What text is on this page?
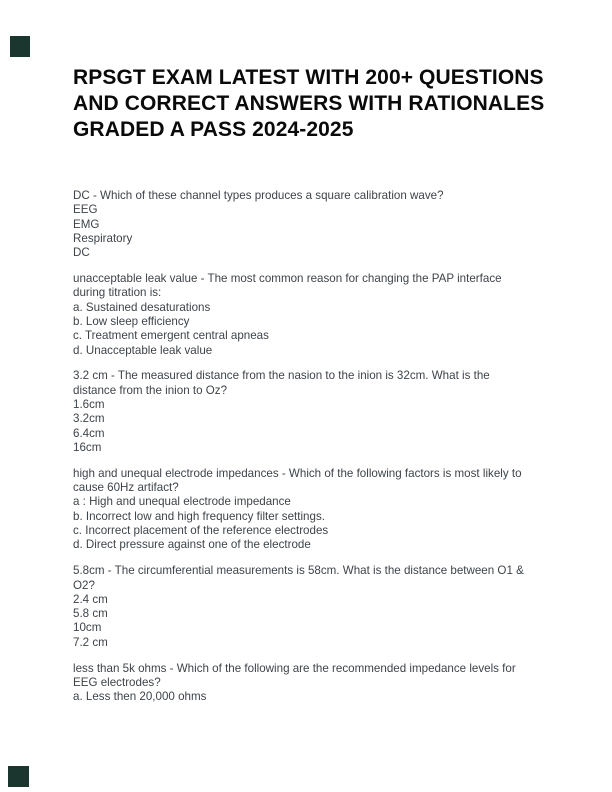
RPSGT EXAM LATEST WITH 200+ QUESTIONS
AND CORRECT ANSWERS WITH RATIONALES
GRADED A PASS 2024-2025
DC - Which of these channel types produces a square calibration wave?
EEG
EMG
Respiratory
DC
unacceptable leak value - The most common reason for changing the PAP interface
during titration is:
a. Sustained desaturations
b. Low sleep efficiency
c. Treatment emergent central apneas
d. Unacceptable leak value
3.2 cm - The measured distance from the nasion to the inion is 32cm. What is the
distance from the inion to Oz?
1.6cm
3.2cm
6.4cm
16cm
high and unequal electrode impedances - Which of the following factors is most likely to
cause 60Hz artifact?
a : High and unequal electrode impedance
b. Incorrect low and high frequency filter settings.
c. Incorrect placement of the reference electrodes
d. Direct pressure against one of the electrode
5.8cm - The circumferential measurements is 58cm. What is the distance between O1 &
O2?
2.4 cm
5.8 cm
10cm
7.2 cm
less than 5k ohms - Which of the following are the recommended impedance levels for
EEG electrodes?
a. Less then 20,000 ohms
